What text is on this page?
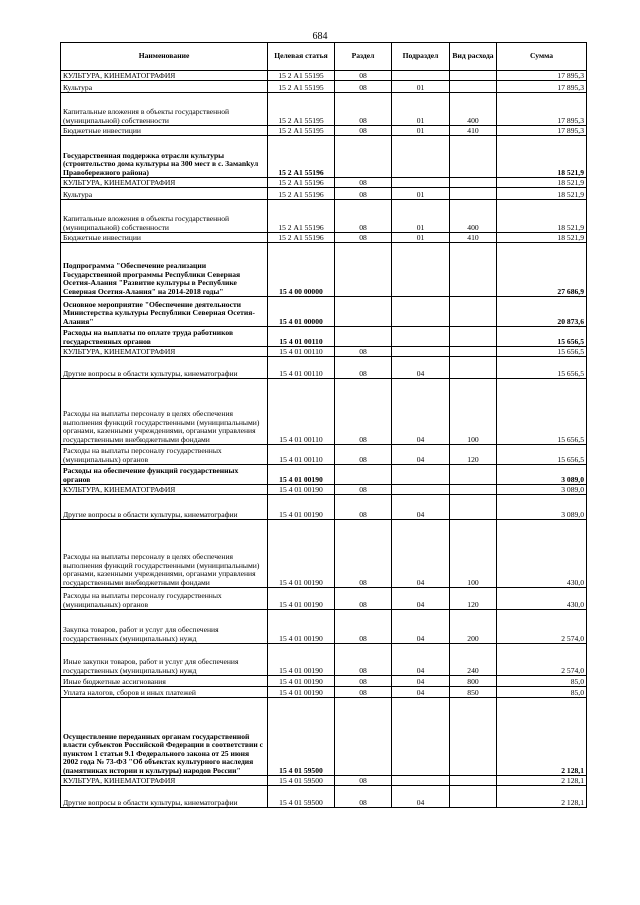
684
Наименование	Целевая статья	Раздел	Подраздел	Вид расхода	Сумма
КУЛЬТУРА, КИНЕМАТОГРАФИЯ	15 2 А1 55195	08			17 895,3
Культура	15 2 А1 55195	08	01		17 895,3
Капитальные вложения в объекты государственной (муниципальной) собственности	15 2 А1 55195	08	01	400	17 895,3
Бюджетные инвестиции	15 2 А1 55195	08	01	410	17 895,3
Государственная поддержка отрасли культуры (строительство дома культуры на 300 мест в с. Замankул Правобережного района)	15 2 А1 55196				18 521,9
КУЛЬТУРА, КИНЕМАТОГРАФИЯ	15 2 А1 55196	08			18 521,9
Культура	15 2 А1 55196	08	01		18 521,9
Капитальные вложения в объекты государственной (муниципальной) собственности	15 2 А1 55196	08	01	400	18 521,9
Бюджетные инвестиции	15 2 А1 55196	08	01	410	18 521,9
Подпрограмма "Обеспечение реализации Государственной программы Республики Северная Осетия-Алания "Развитие культуры в Республике Северная Осетия-Алания" на 2014-2018 годы"	15 4 00 00000				27 686,9
Основное мероприятие "Обеспечение деятельности Министерства культуры Республики Северная Осетия-Алания"	15 4 01 00000				20 873,6
Расходы на выплаты по оплате труда работников государственных органов	15 4 01 00110				15 656,5
КУЛЬТУРА, КИНЕМАТОГРАФИЯ	15 4 01 00110	08			15 656,5
Другие вопросы в области культуры, кинематографии	15 4 01 00110	08	04		15 656,5
Расходы на выплаты персоналу в целях обеспечения выполнения функций государственными (муниципальными) органами, казенными учреждениями, органами управления государственными внебюджетными фондами	15 4 01 00110	08	04	100	15 656,5
Расходы на выплаты персоналу государственных (муниципальных) органов	15 4 01 00110	08	04	120	15 656,5
Расходы на обеспечение функций государственных органов	15 4 01 00190				3 089,0
КУЛЬТУРА, КИНЕМАТОГРАФИЯ	15 4 01 00190	08			3 089,0
Другие вопросы в области культуры, кинематографии	15 4 01 00190	08	04		3 089,0
Расходы на выплаты персоналу в целях обеспечения выполнения функций государственными (муниципальными) органами, казенными учреждениями, органами управления государственными внебюджетными фондами	15 4 01 00190	08	04	100	430,0
Расходы на выплаты персоналу государственных (муниципальных) органов	15 4 01 00190	08	04	120	430,0
Закупка товаров, работ и услуг для обеспечения государственных (муниципальных) нужд	15 4 01 00190	08	04	200	2 574,0
Иные закупки товаров, работ и услуг для обеспечения государственных (муниципальных) нужд	15 4 01 00190	08	04	240	2 574,0
Иные бюджетные ассигнования	15 4 01 00190	08	04	800	85,0
Уплата налогов, сборов и иных платежей	15 4 01 00190	08	04	850	85,0
Осуществление переданных органам государственной власти субъектов Российской Федерации в соответствии с пунктом 1 статьи 9.1 Федерального закона от 25 июня 2002 года № 73-ФЗ "Об объектах культурного наследия (памятниках истории и культуры) народов России"	15 4 01 59500				2 128,1
КУЛЬТУРА, КИНЕМАТОГРАФИЯ	15 4 01 59500	08			2 128,1
Другие вопросы в области культуры, кинематографии	15 4 01 59500	08	04		2 128,1
